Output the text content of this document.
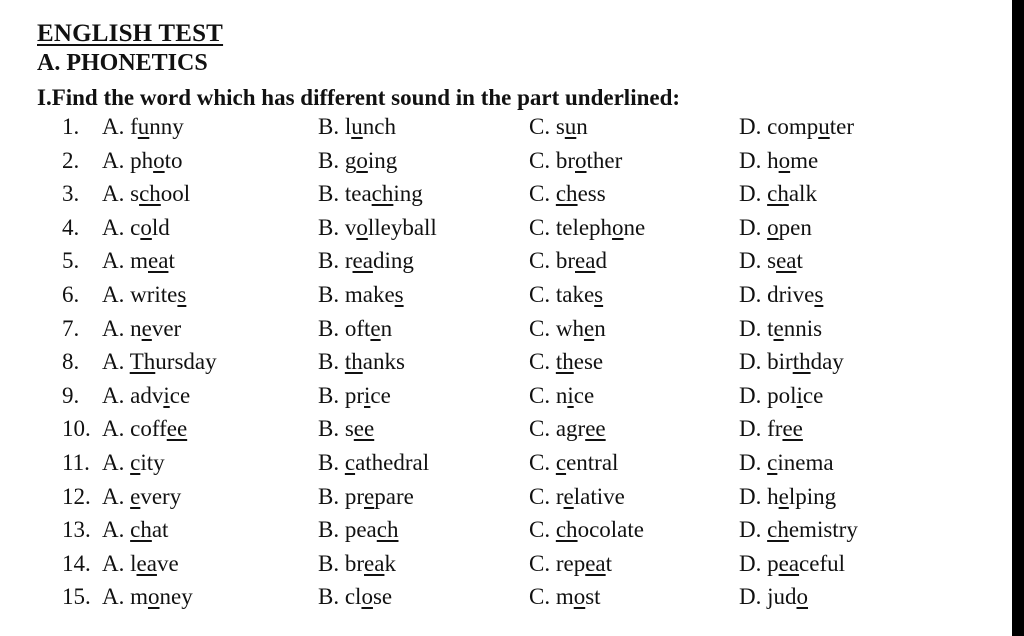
ENGLISH TEST
A. PHONETICS
I.Find the word which has different sound in the part underlined:
1. A. funny	B. lunch	C. sun	D. computer
2. A. photo	B. going	C. brother	D. home
3. A. school	B. teaching	C. chess	D. chalk
4. A. cold	B. volleyball	C. telephone	D. open
5. A. meat	B. reading	C. bread	D. seat
6. A. writes	B. makes	C. takes	D. drives
7. A. never	B. often	C. when	D. tennis
8. A. Thursday	B. thanks	C. these	D. birthday
9. A. advice	B. price	C. nice	D. police
10. A. coffee	B. see	C. agree	D. free
11. A. city	B. cathedral	C. central	D. cinema
12. A. every	B. prepare	C. relative	D. helping
13. A. chat	B. peach	C. chocolate	D. chemistry
14. A. leave	B. break	C. repeat	D. peaceful
15. A. money	B. close	C. most	D. judo
